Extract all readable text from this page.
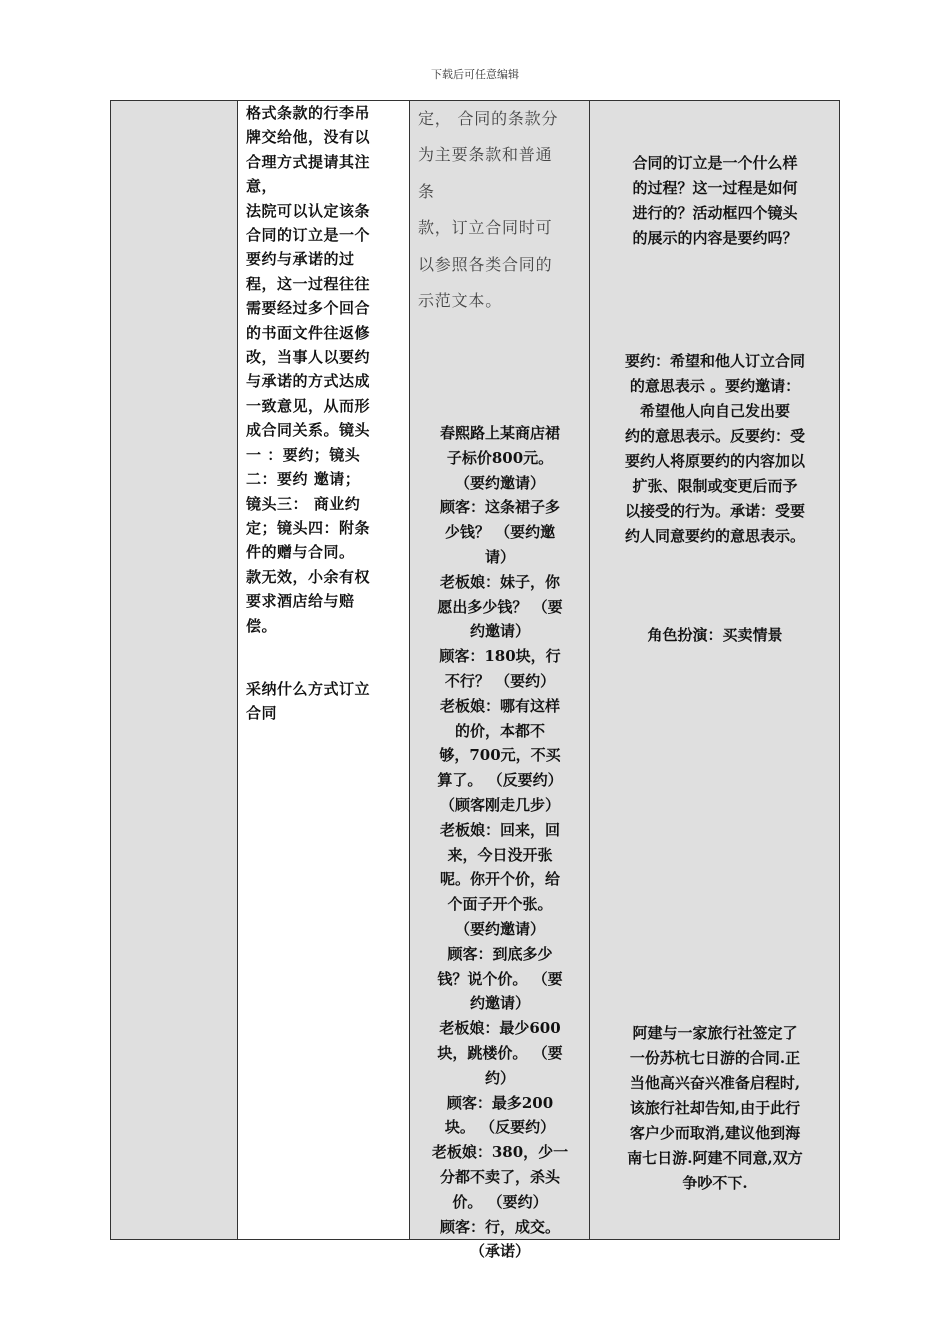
下载后可任意编辑

格式条款的行李吊
牌交给他，没有以
合理方式提请其注
意，
法院可以认定该条
合同的订立是一个
要约与承诺的过
程，这一过程往往
需要经过多个回合
的书面文件往返修
改，当事人以要约
与承诺的方式达成
一致意见，从而形
成合同关系。镜头
一 ：要约；镜头
二：要约 邀请；
镜头三： 商业约
定；镜头四：附条
件的赠与合同。
款无效，小余有权
要求酒店给与赔
偿。

采纳什么方式订立
合同

定， 合同的条款分
为主要条款和普通
条
款，订立合同时可
以参照各类合同的
示范文本。

春熙路上某商店裙
子标价800元。
（要约邀请）
顾客：这条裙子多
少钱？ （要约邀
请）
老板娘：妹子，你
愿出多少钱？ （要
约邀请）
顾客：180块，行
不行？ （要约）
老板娘：哪有这样
的价，本都不
够，700元，不买
算了。 （反要约）
（顾客刚走几步）
老板娘：回来，回
来，今日没开张
呢。你开个价，给
个面子开个张。
（要约邀请）
顾客：到底多少
钱？说个价。 （要
约邀请）
老板娘：最少600
块，跳楼价。 （要
约）
顾客：最多200
块。 （反要约）
老板娘：380，少一
分都不卖了，杀头
价。 （要约）
顾客：行，成交。
（承诺）

合同的订立是一个什么样
的过程？这一过程是如何
进行的？活动框四个镜头
的展示的内容是要约吗？

要约：希望和他人订立合同
的意思表示 。要约邀请：
希望他人向自己发出要
约的意思表示。反要约：受
要约人将原要约的内容加以
扩张、限制或变更后而予
以接受的行为。承诺：受要
约人同意要约的意思表示。

角色扮演：买卖情景

阿建与一家旅行社签定了
一份苏杭七日游的合同.正
当他高兴奋兴准备启程时,
该旅行社却告知,由于此行
客户少而取消,建议他到海
南七日游.阿建不同意,双方
争吵不下.
